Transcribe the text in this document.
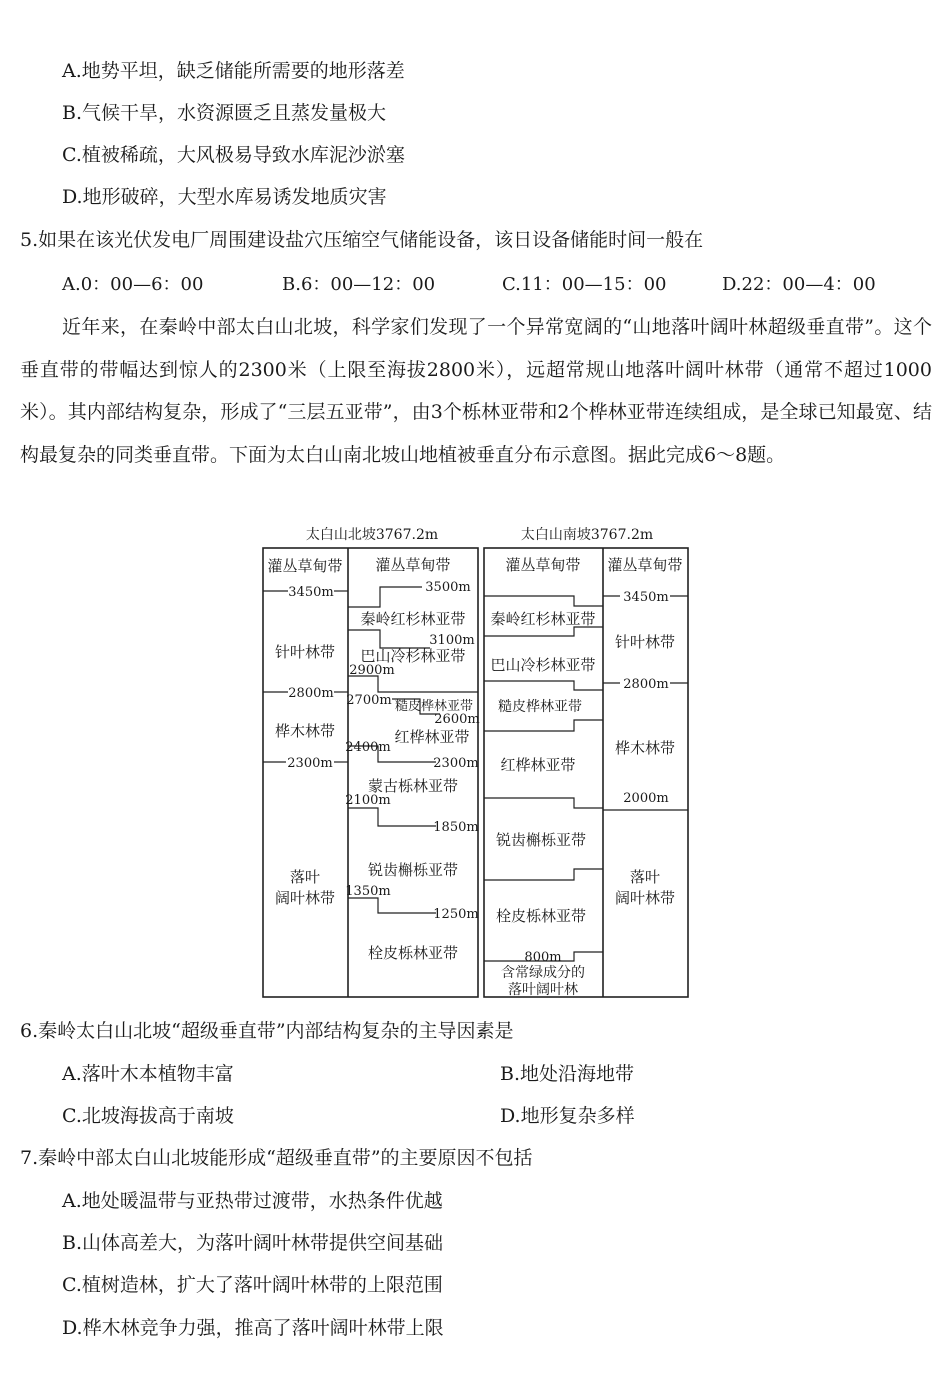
A.地势平坦，缺乏储能所需要的地形落差
B.气候干旱，水资源匮乏且蒸发量极大
C.植被稀疏，大风极易导致水库泥沙淤塞
D.地形破碎，大型水库易诱发地质灾害
5.如果在该光伏发电厂周围建设盐穴压缩空气储能设备，该日设备储能时间一般在
A.0：00—6：00	B.6：00—12：00	C.11：00—15：00	D.22：00—4：00
近年来，在秦岭中部太白山北坡，科学家们发现了一个异常宽阔的“山地落叶阔叶林超级垂直带”。这个垂直带的带幅达到惊人的2300米（上限至海拔2800米），远超常规山地落叶阔叶林带（通常不超过1000米）。其内部结构复杂，形成了“三层五亚带”，由3个栎林亚带和2个桦林亚带连续组成，是全球已知最宽、结构最复杂的同类垂直带。下面为太白山南北坡山地植被垂直分布示意图。据此完成6～8题。
太白山北坡3767.2m	太白山南坡3767.2m
灌丛草甸带
3450m
针叶林带
2800m
桦木林带
2300m
落叶
阔叶林带
灌丛草甸带
3500m
秦岭红杉林亚带
3100m
巴山冷杉林亚带
2900m
2700m 糙皮桦林亚带
2600m
2400m
红桦林亚带
2300m
蒙古栎林亚带
2100m
1850m
锐齿槲栎亚带
1350m
1250m
栓皮栎林亚带
灌丛草甸带
秦岭红杉林亚带
巴山冷杉林亚带
糙皮桦林亚带
红桦林亚带
锐齿槲栎亚带
栓皮栎林亚带
800m
含常绿成分的
落叶阔叶林
灌丛草甸带
3450m
针叶林带
2800m
桦木林带
2000m
落叶
阔叶林带
6.秦岭太白山北坡“超级垂直带”内部结构复杂的主导因素是
A.落叶木本植物丰富	B.地处沿海地带
C.北坡海拔高于南坡	D.地形复杂多样
7.秦岭中部太白山北坡能形成“超级垂直带”的主要原因不包括
A.地处暖温带与亚热带过渡带，水热条件优越
B.山体高差大，为落叶阔叶林带提供空间基础
C.植树造林，扩大了落叶阔叶林带的上限范围
D.桦木林竞争力强，推高了落叶阔叶林带上限
